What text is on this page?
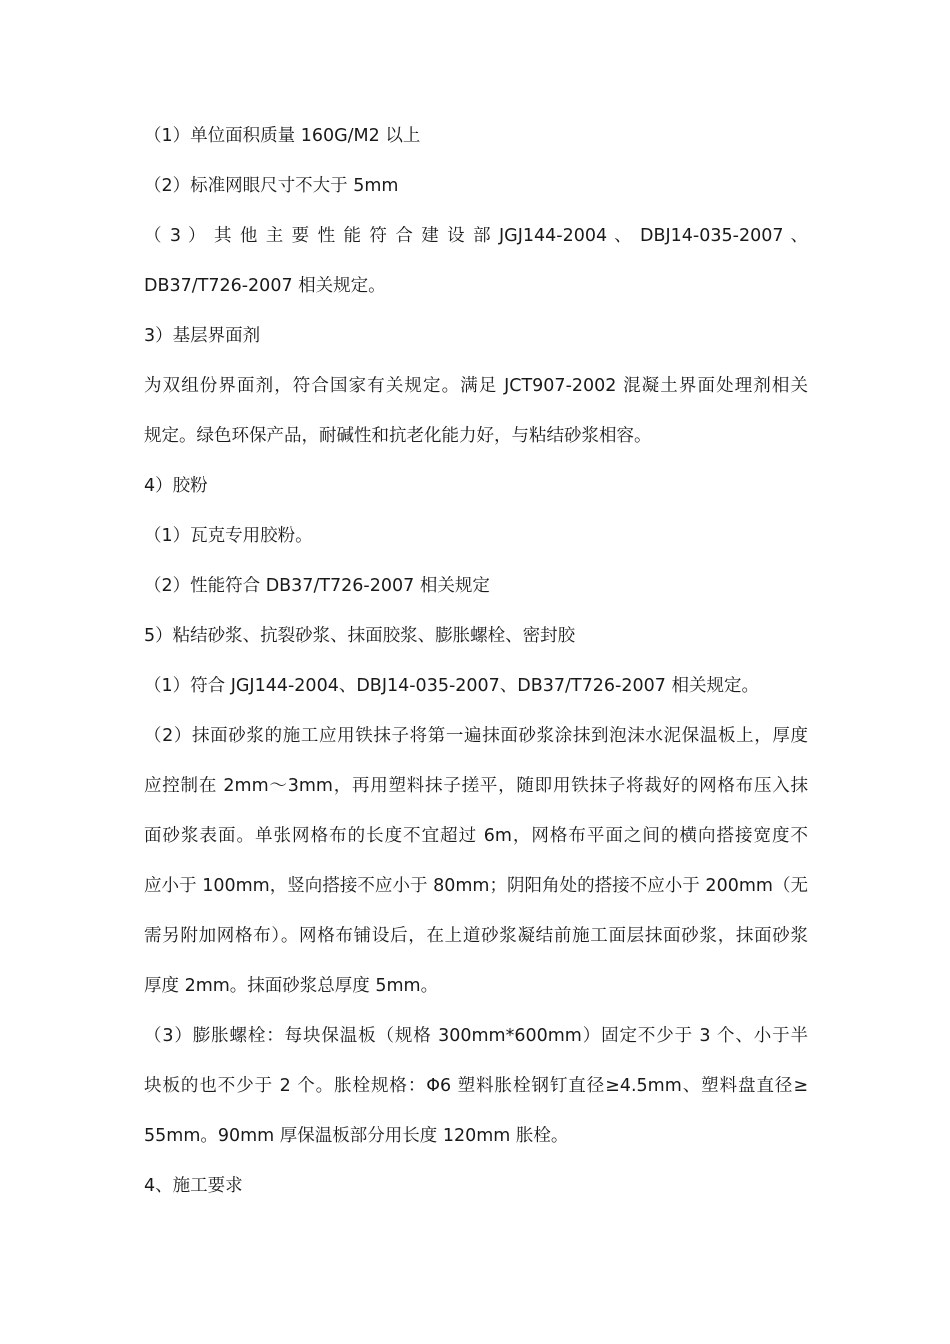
（1）单位面积质量 160G/M2 以上
（2）标准网眼尺寸不大于 5mm
（ 3 ） 其 他 主 要 性 能 符 合 建 设 部 JGJ144-2004 、 DBJ14-035-2007 、
DB37/T726-2007 相关规定。
3）基层界面剂
为双组份界面剂，符合国家有关规定。满足 JCT907-2002 混凝土界面处理剂相关
规定。绿色环保产品，耐碱性和抗老化能力好，与粘结砂浆相容。
4）胶粉
（1）瓦克专用胶粉。
（2）性能符合 DB37/T726-2007 相关规定
5）粘结砂浆、抗裂砂浆、抹面胶浆、膨胀螺栓、密封胶
（1）符合 JGJ144-2004、DBJ14-035-2007、DB37/T726-2007 相关规定。
（2）抹面砂浆的施工应用铁抹子将第一遍抹面砂浆涂抹到泡沫水泥保温板上，厚度
应控制在 2mm～3mm，再用塑料抹子搓平，随即用铁抹子将裁好的网格布压入抹
面砂浆表面。单张网格布的长度不宜超过 6m，网格布平面之间的横向搭接宽度不
应小于 100mm，竖向搭接不应小于 80mm；阴阳角处的搭接不应小于 200mm（无
需另附加网格布）。网格布铺设后，在上道砂浆凝结前施工面层抹面砂浆，抹面砂浆
厚度 2mm。抹面砂浆总厚度 5mm。
（3）膨胀螺栓：每块保温板（规格 300mm*600mm）固定不少于 3 个、小于半
块板的也不少于 2 个。胀栓规格：Φ6 塑料胀栓钢钉直径≥4.5mm、塑料盘直径≥
55mm。90mm 厚保温板部分用长度 120mm 胀栓。
4、施工要求
